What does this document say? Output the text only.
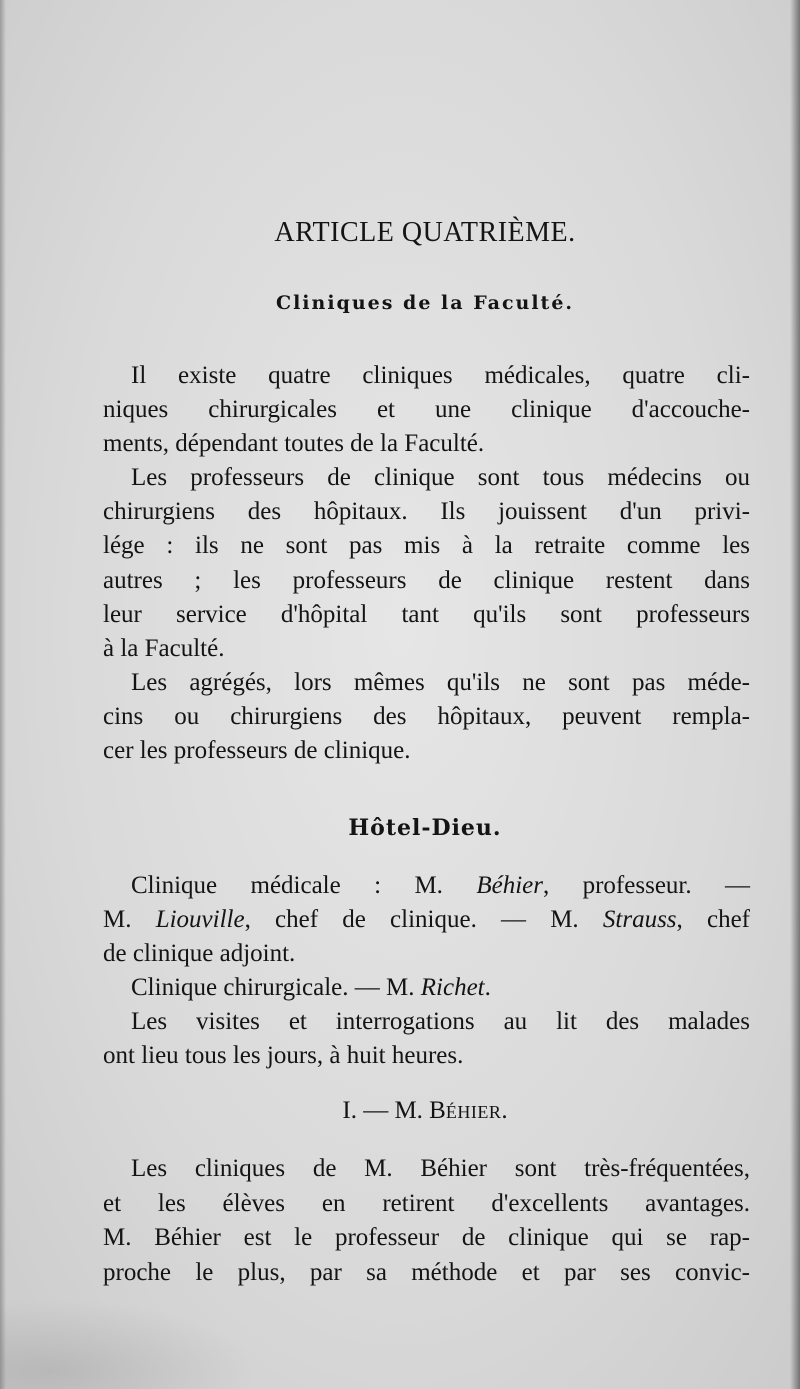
ARTICLE QUATRIÈME.
Cliniques de la Faculté.
Il existe quatre cliniques médicales, quatre cli-
niques chirurgicales et une clinique d'accouche-
ments, dépendant toutes de la Faculté.
Les professeurs de clinique sont tous médecins ou
chirurgiens des hôpitaux. Ils jouissent d'un privi-
lége : ils ne sont pas mis à la retraite comme les
autres ; les professeurs de clinique restent dans
leur service d'hôpital tant qu'ils sont professeurs
à la Faculté.
Les agrégés, lors mêmes qu'ils ne sont pas méde-
cins ou chirurgiens des hôpitaux, peuvent rempla-
cer les professeurs de clinique.
Hôtel-Dieu.
Clinique médicale : M. Béhier, professeur. —
M. Liouville, chef de clinique. — M. Strauss, chef
de clinique adjoint.
Clinique chirurgicale. — M. Richet.
Les visites et interrogations au lit des malades
ont lieu tous les jours, à huit heures.
I. — M. BÉHIER.
Les cliniques de M. Béhier sont très-fréquentées,
et les élèves en retirent d'excellents avantages.
M. Béhier est le professeur de clinique qui se rap-
proche le plus, par sa méthode et par ses convic-
